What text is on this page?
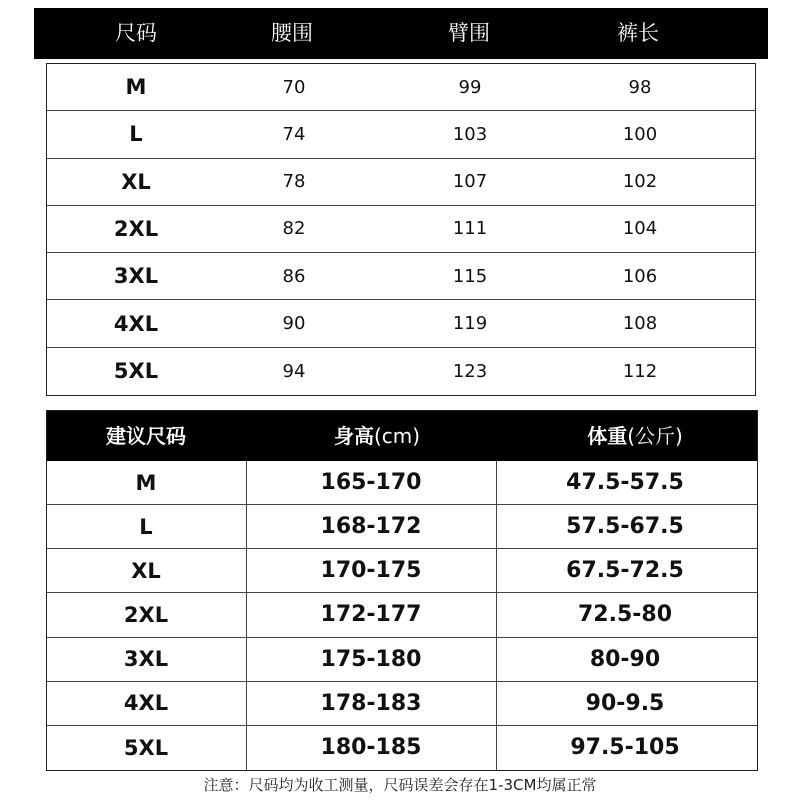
尺码	腰围	臂围	裤长
M	70	99	98
L	74	103	100
XL	78	107	102
2XL	82	111	104
3XL	86	115	106
4XL	90	119	108
5XL	94	123	112
建议尺码	身高(cm)	体重(公斤)
M	165-170	47.5-57.5
L	168-172	57.5-67.5
XL	170-175	67.5-72.5
2XL	172-177	72.5-80
3XL	175-180	80-90
4XL	178-183	90-9.5
5XL	180-185	97.5-105
注意：尺码均为收工测量，尺码误差会存在1-3CM均属正常
